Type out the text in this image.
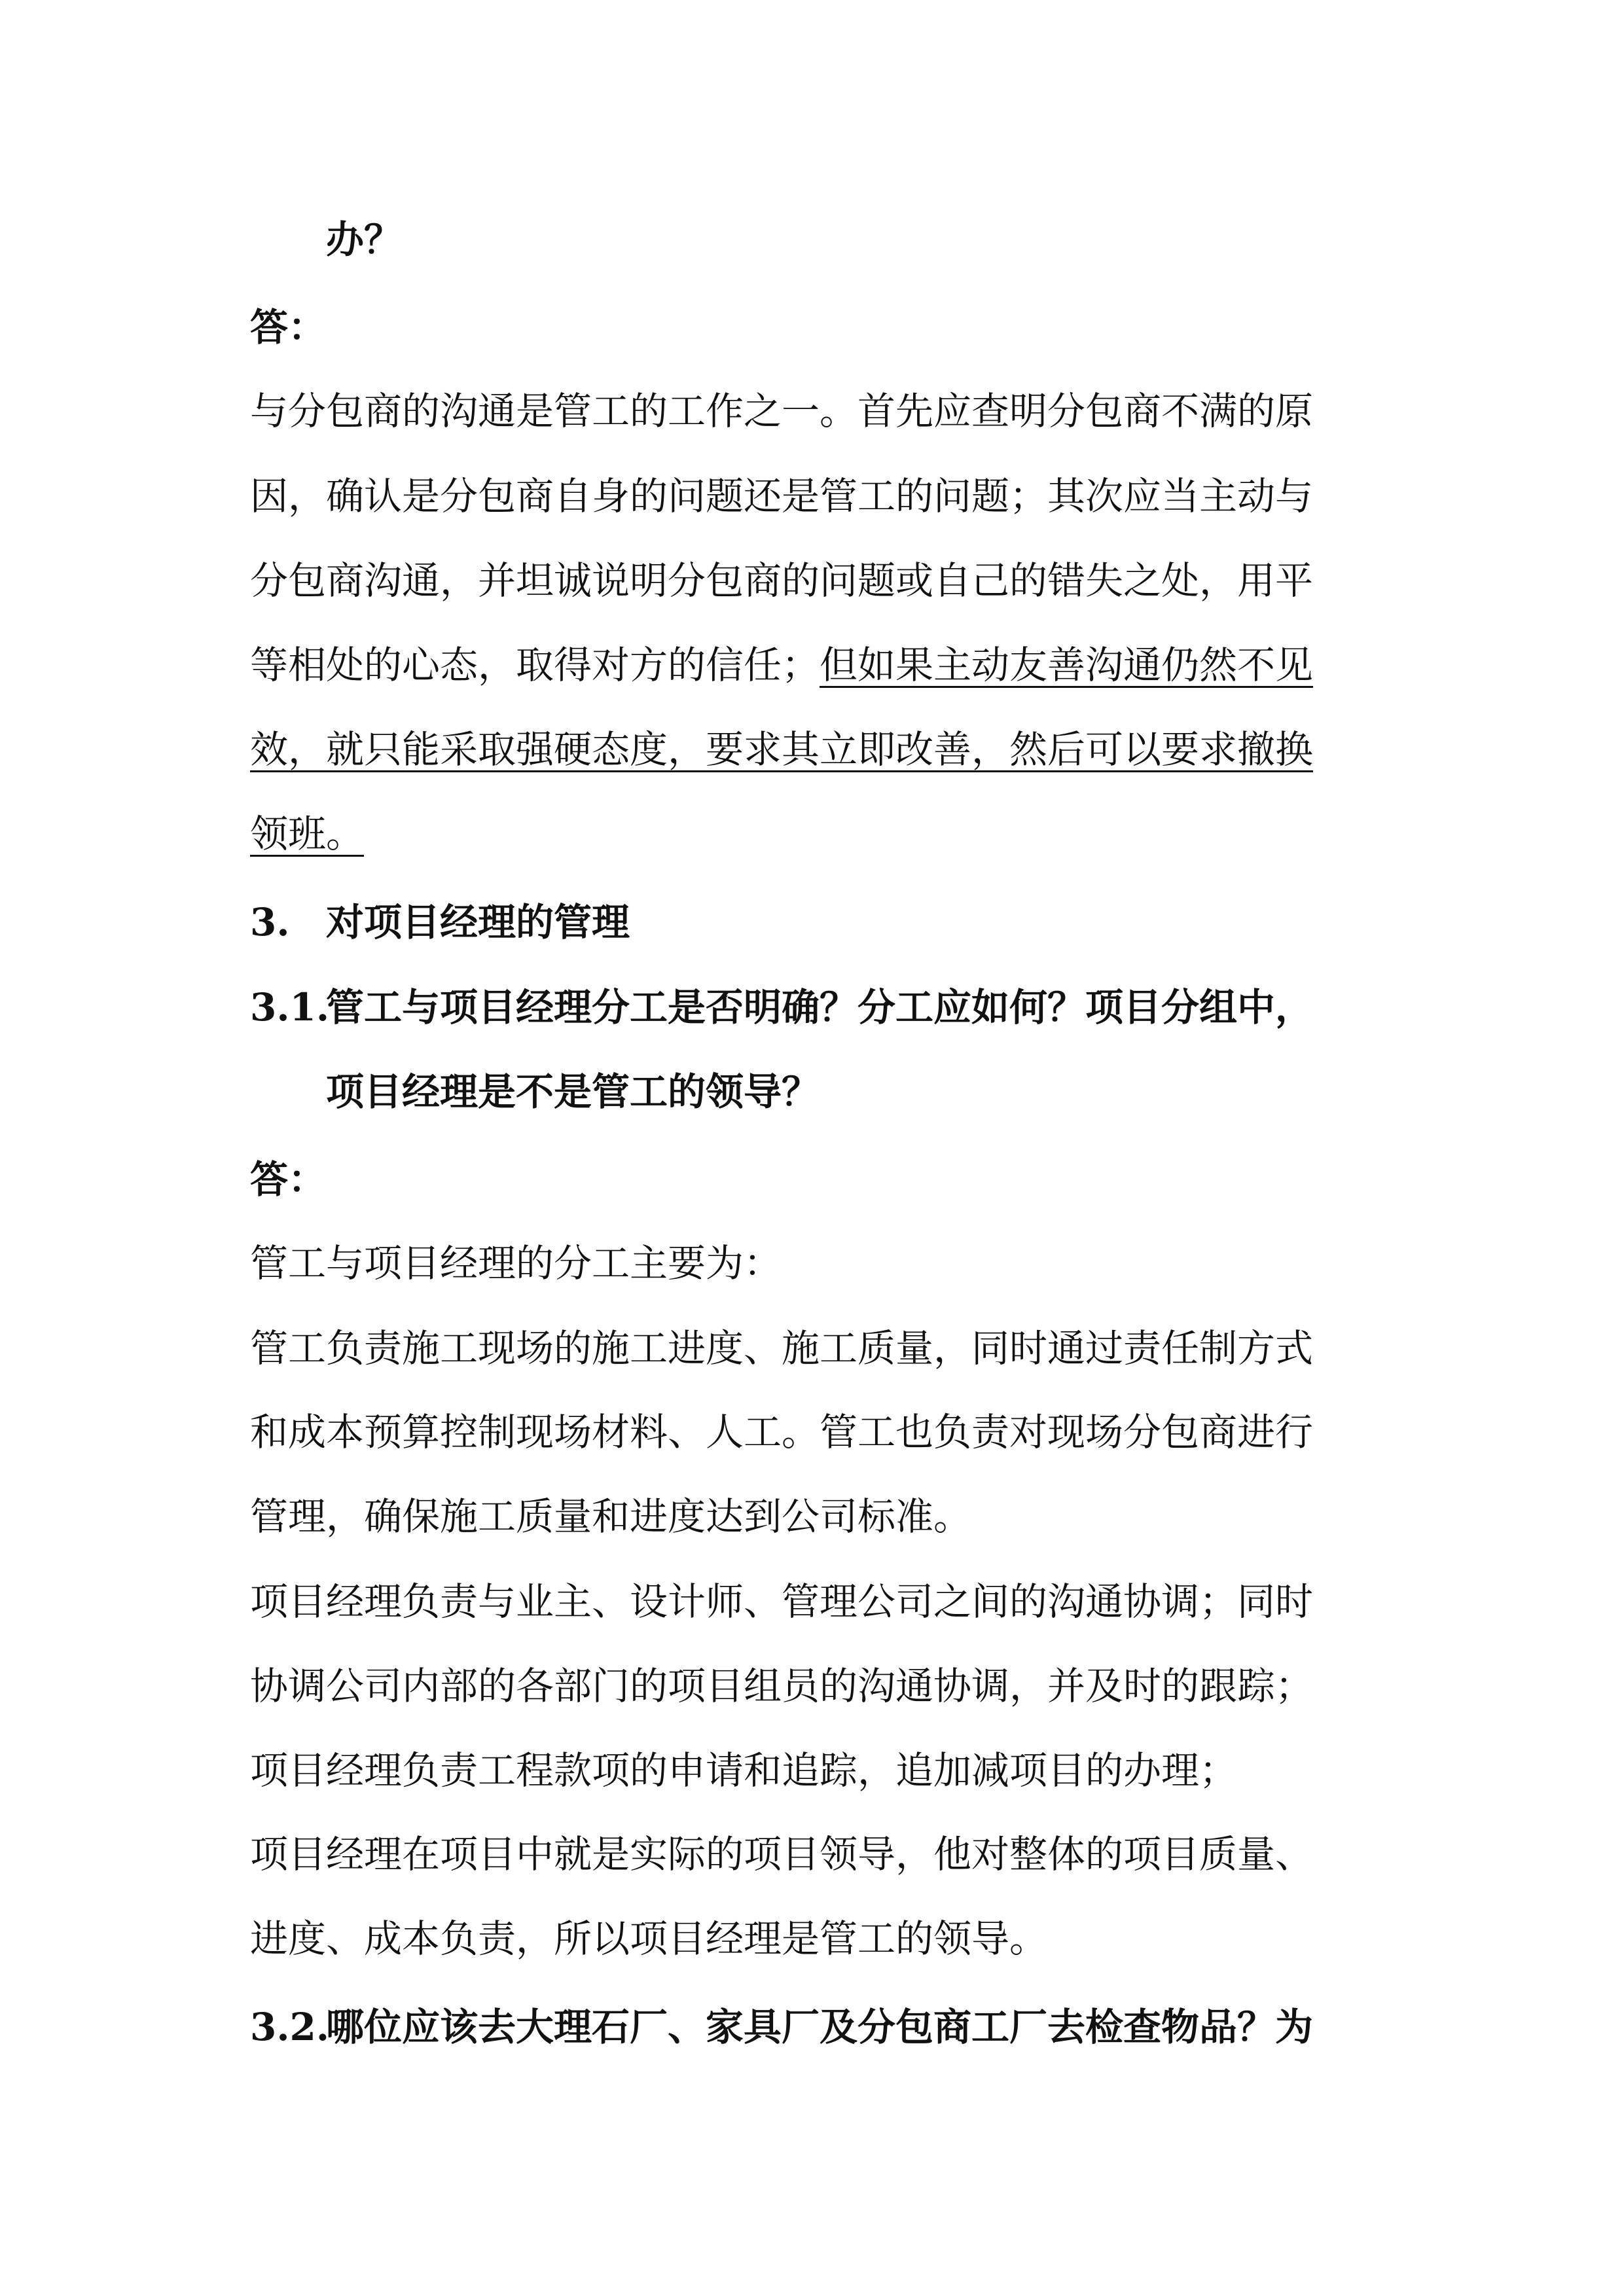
办？
答：
与分包商的沟通是管工的工作之一。首先应查明分包商不满的原
因，确认是分包商自身的问题还是管工的问题；其次应当主动与
分包商沟通，并坦诚说明分包商的问题或自己的错失之处，用平
等相处的心态，取得对方的信任；但如果主动友善沟通仍然不见
效，就只能采取强硬态度，要求其立即改善，然后可以要求撤换
领班。
3. 对项目经理的管理
3.1.管工与项目经理分工是否明确？分工应如何？项目分组中，
项目经理是不是管工的领导？
答：
管工与项目经理的分工主要为：
管工负责施工现场的施工进度、施工质量，同时通过责任制方式
和成本预算控制现场材料、人工。管工也负责对现场分包商进行
管理，确保施工质量和进度达到公司标准。
项目经理负责与业主、设计师、管理公司之间的沟通协调；同时
协调公司内部的各部门的项目组员的沟通协调，并及时的跟踪；
项目经理负责工程款项的申请和追踪，追加减项目的办理；
项目经理在项目中就是实际的项目领导，他对整体的项目质量、
进度、成本负责，所以项目经理是管工的领导。
3.2.哪位应该去大理石厂、家具厂及分包商工厂去检查物品？为
